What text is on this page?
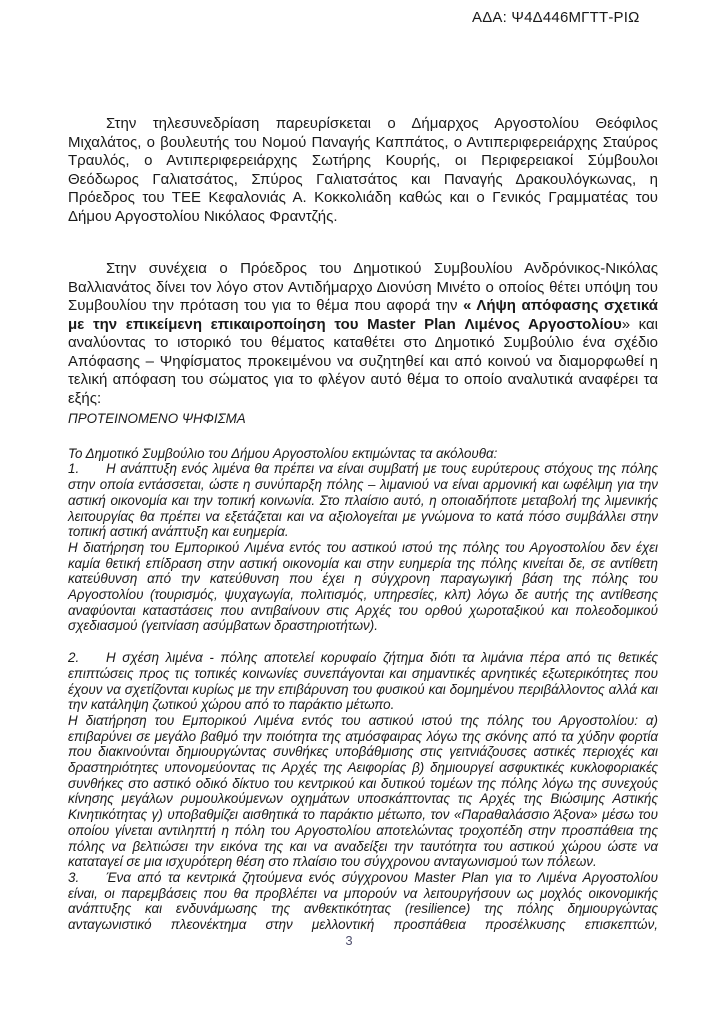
ΑΔΑ: Ψ4Δ446ΜΓΤΤ-ΡΙΩ

Στην τηλεσυνεδρίαση παρευρίσκεται ο Δήμαρχος Αργοστολίου Θεόφιλος Μιχαλάτος, ο βουλευτής του Νομού Παναγής Καππάτος, ο Αντιπεριφερειάρχης Σταύρος Τραυλός, ο Αντιπεριφερειάρχης Σωτήρης Κουρής, οι Περιφερειακοί Σύμβουλοι Θεόδωρος Γαλιατσάτος, Σπύρος Γαλιατσάτος και Παναγής Δρακουλόγκωνας, η Πρόεδρος του ΤΕΕ Κεφαλονιάς Α. Κοκκολιάδη καθώς και ο Γενικός Γραμματέας του Δήμου Αργοστολίου Νικόλαος Φραντζής.

Στην συνέχεια ο Πρόεδρος του Δημοτικού Συμβουλίου Ανδρόνικος-Νικόλας Βαλλιανάτος δίνει τον λόγο στον Αντιδήμαρχο Διονύση Μινέτο ο οποίος θέτει υπόψη του Συμβουλίου την πρόταση του για το θέμα που αφορά την « Λήψη απόφασης σχετικά με την επικείμενη επικαιροποίηση του Master Plan Λιμένος Αργοστολίου» και αναλύοντας το ιστορικό του θέματος καταθέτει στο Δημοτικό Συμβούλιο ένα σχέδιο Απόφασης – Ψηφίσματος προκειμένου να συζητηθεί και από κοινού να διαμορφωθεί η τελική απόφαση του σώματος για το φλέγον αυτό θέμα το οποίο αναλυτικά αναφέρει τα εξής:

ΠΡΟΤΕΙΝΟΜΕΝΟ ΨΗΦΙΣΜΑ

Το Δημοτικό Συμβούλιο του Δήμου Αργοστολίου εκτιμώντας τα ακόλουθα:

1. Η ανάπτυξη ενός λιμένα θα πρέπει να είναι συμβατή με τους ευρύτερους στόχους της πόλης στην οποία εντάσσεται, ώστε η συνύπαρξη πόλης – λιμανιού να είναι αρμονική και ωφέλιμη για την αστική οικονομία και την τοπική κοινωνία. Στο πλαίσιο αυτό, η οποιαδήποτε μεταβολή της λιμενικής λειτουργίας θα πρέπει να εξετάζεται και να αξιολογείται με γνώμονα το κατά πόσο συμβάλλει στην τοπική αστική ανάπτυξη και ευημερία.

Η διατήρηση του Εμπορικού Λιμένα εντός του αστικού ιστού της πόλης του Αργοστολίου δεν έχει καμία θετική επίδραση στην αστική οικονομία και στην ευημερία της πόλης κινείται δε, σε αντίθετη κατεύθυνση από την κατεύθυνση που έχει η σύγχρονη παραγωγική βάση της πόλης του Αργοστολίου (τουρισμός, ψυχαγωγία, πολιτισμός, υπηρεσίες, κλπ) λόγω δε αυτής της αντίθεσης αναφύονται καταστάσεις που αντιβαίνουν στις Αρχές του ορθού χωροταξικού και πολεοδομικού σχεδιασμού (γειτνίαση ασύμβατων δραστηριοτήτων).

2. Η σχέση λιμένα - πόλης αποτελεί κορυφαίο ζήτημα διότι τα λιμάνια πέρα από τις θετικές επιπτώσεις προς τις τοπικές κοινωνίες συνεπάγονται και σημαντικές αρνητικές εξωτερικότητες που έχουν να σχετίζονται κυρίως με την επιβάρυνση του φυσικού και δομημένου περιβάλλοντος αλλά και την κατάληψη ζωτικού χώρου από το παράκτιο μέτωπο.

Η διατήρηση του Εμπορικού Λιμένα εντός του αστικού ιστού της πόλης του Αργοστολίου: α) επιβαρύνει σε μεγάλο βαθμό την ποιότητα της ατμόσφαιρας λόγω της σκόνης από τα χύδην φορτία που διακινούνται δημιουργώντας συνθήκες υποβάθμισης στις γειτνιάζουσες αστικές περιοχές και δραστηριότητες υπονομεύοντας τις Αρχές της Αειφορίας β) δημιουργεί ασφυκτικές κυκλοφοριακές συνθήκες στο αστικό οδικό δίκτυο του κεντρικού και δυτικού τομέων της πόλης λόγω της συνεχούς κίνησης μεγάλων ρυμουλκούμενων οχημάτων υποσκάπτοντας τις Αρχές της Βιώσιμης Αστικής Κινητικότητας γ) υποβαθμίζει αισθητικά το παράκτιο μέτωπο, τον «Παραθαλάσσιο Άξονα» μέσω του οποίου γίνεται αντιληπτή η πόλη του Αργοστολίου αποτελώντας τροχοπέδη στην προσπάθεια της πόλης να βελτιώσει την εικόνα της και να αναδείξει την ταυτότητα του αστικού χώρου ώστε να καταταγεί σε μια ισχυρότερη θέση στο πλαίσιο του σύγχρονου ανταγωνισμού των πόλεων.

3. Ένα από τα κεντρικά ζητούμενα ενός σύγχρονου Master Plan για το Λιμένα Αργοστολίου είναι, οι παρεμβάσεις που θα προβλέπει να μπορούν να λειτουργήσουν ως μοχλός οικονομικής ανάπτυξης και ενδυνάμωσης της ανθεκτικότητας (resilience) της πόλης δημιουργώντας ανταγωνιστικό πλεονέκτημα στην μελλοντική προσπάθεια προσέλκυσης επισκεπτών,

3
